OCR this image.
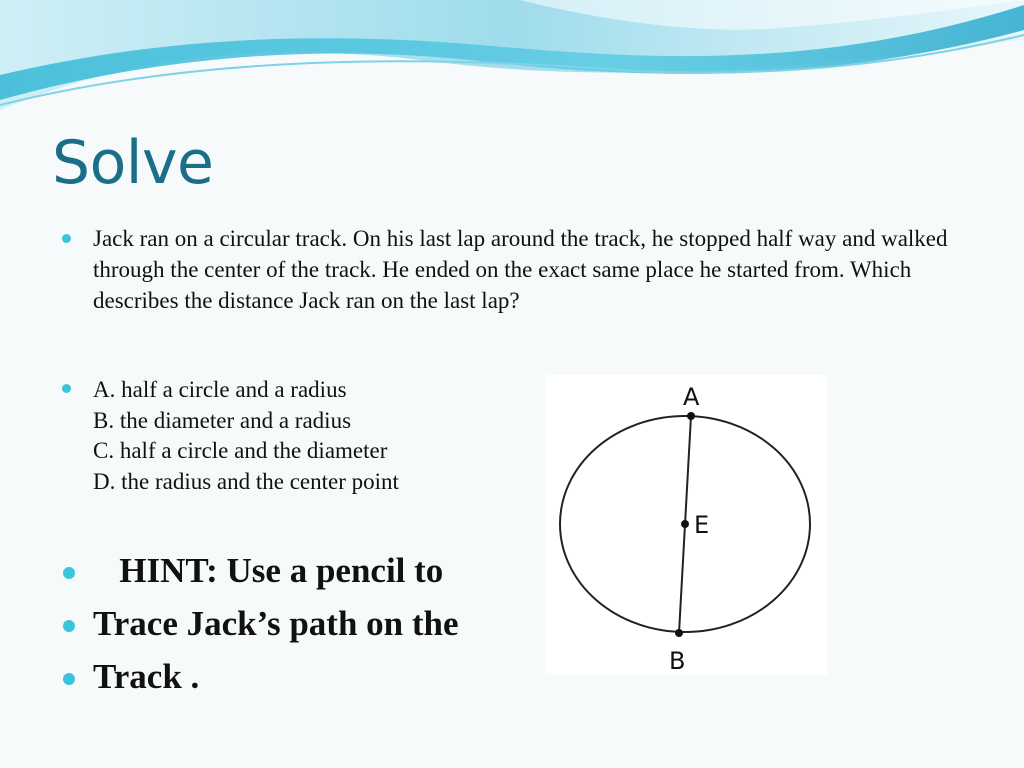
Solve
Jack ran on a circular track. On his last lap around the track, he stopped half way and walked through the center of the track. He ended on the exact same place he started from. Which describes the distance Jack ran on the last lap?
A. half a circle and a radius
B. the diameter and a radius
C. half a circle and the diameter
D. the radius and the center point
HINT: Use a pencil to
Trace Jack’s path on the
Track .
A
E
B
